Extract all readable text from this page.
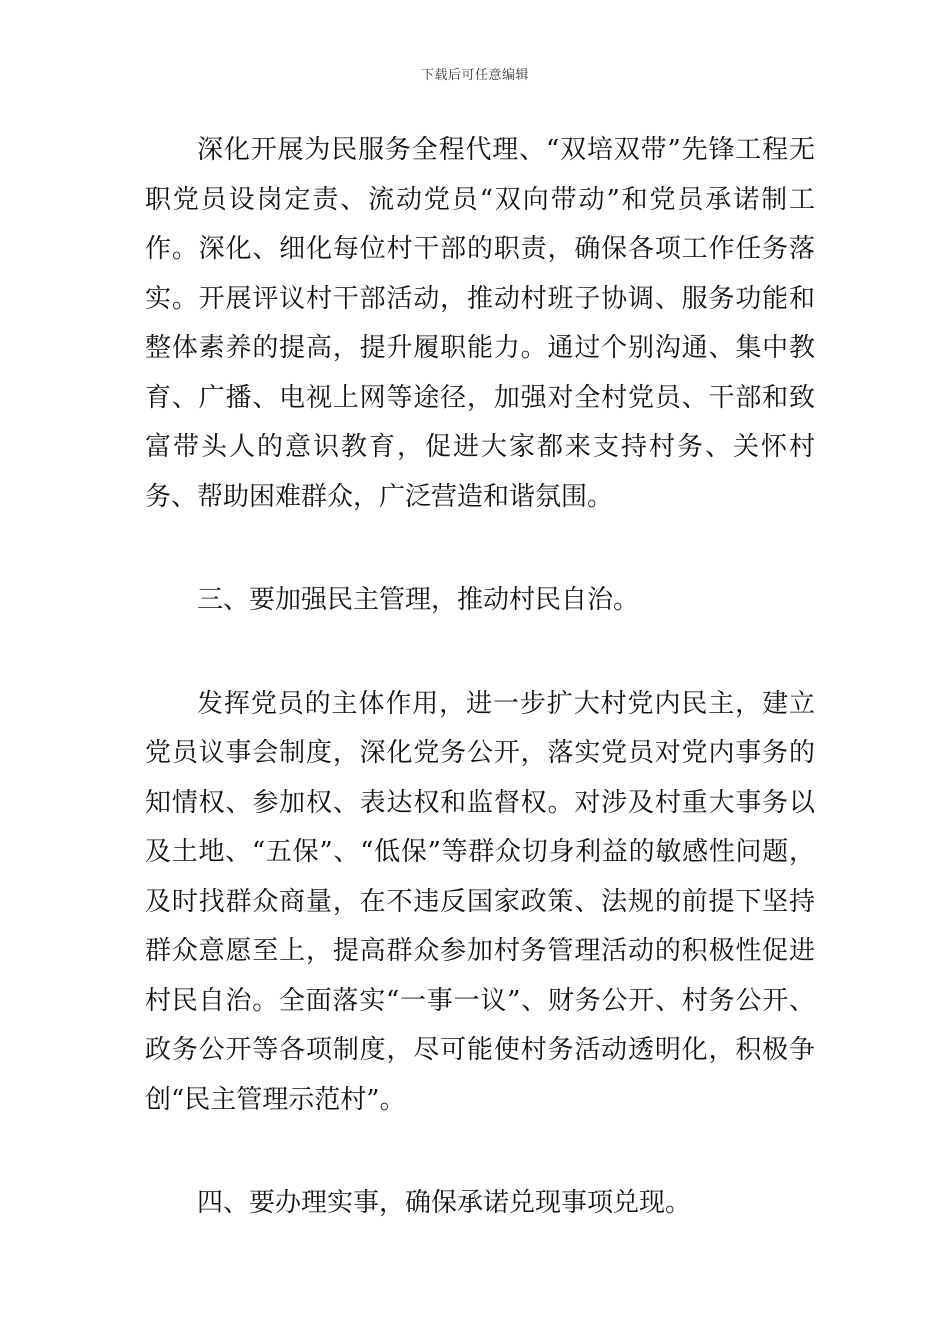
下载后可任意编辑

深化开展为民服务全程代理、“双培双带”先锋工程无职党员设岗定责、流动党员“双向带动”和党员承诺制工作。深化、细化每位村干部的职责，确保各项工作任务落实。开展评议村干部活动，推动村班子协调、服务功能和整体素养的提高，提升履职能力。通过个别沟通、集中教育、广播、电视上网等途径，加强对全村党员、干部和致富带头人的意识教育，促进大家都来支持村务、关怀村务、帮助困难群众，广泛营造和谐氛围。

三、要加强民主管理，推动村民自治。

发挥党员的主体作用，进一步扩大村党内民主，建立党员议事会制度，深化党务公开，落实党员对党内事务的知情权、参加权、表达权和监督权。对涉及村重大事务以及土地、“五保”、“低保”等群众切身利益的敏感性问题，及时找群众商量，在不违反国家政策、法规的前提下坚持群众意愿至上，提高群众参加村务管理活动的积极性促进村民自治。全面落实“一事一议”、财务公开、村务公开、政务公开等各项制度，尽可能使村务活动透明化，积极争创“民主管理示范村”。

四、要办理实事，确保承诺兑现事项兑现。
